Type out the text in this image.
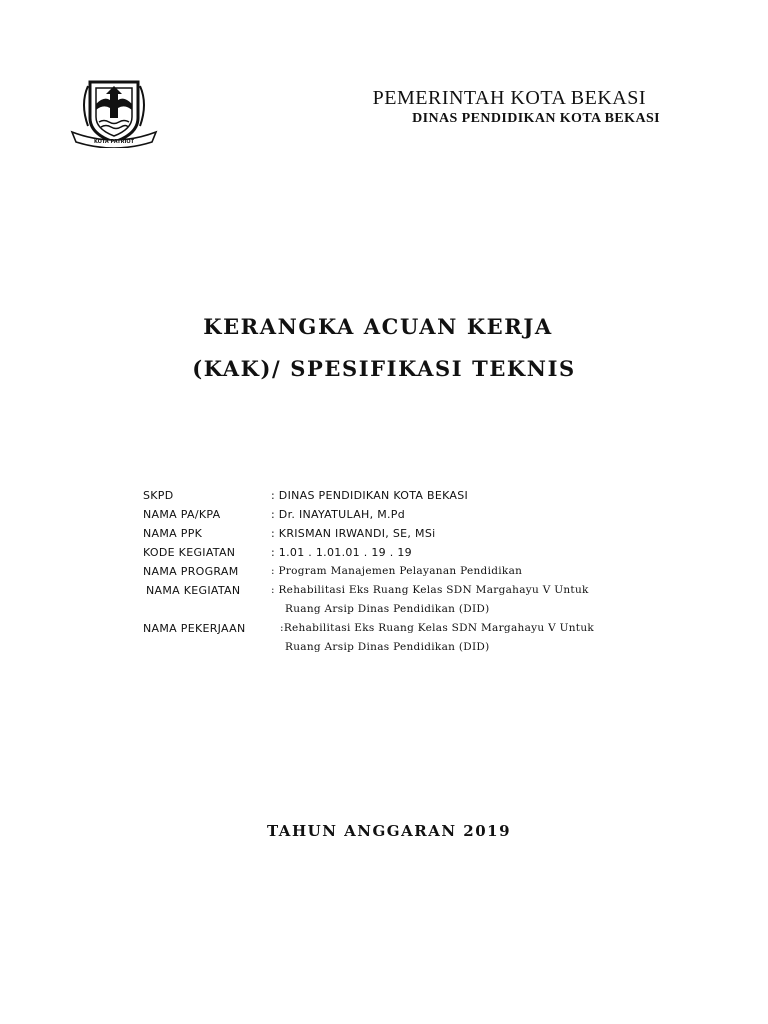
KOTA PATRIOT
PEMERINTAH KOTA BEKASI
DINAS PENDIDIKAN KOTA BEKASI
KERANGKA ACUAN KERJA
(KAK)/ SPESIFIKASI TEKNIS
SKPD	: DINAS PENDIDIKAN KOTA BEKASI
NAMA PA/KPA	: Dr. INAYATULAH, M.Pd
NAMA PPK	: KRISMAN IRWANDI, SE, MSi
KODE KEGIATAN	: 1.01 . 1.01.01 . 19 . 19
NAMA PROGRAM	: Program Manajemen Pelayanan Pendidikan
NAMA KEGIATAN	: Rehabilitasi Eks Ruang Kelas SDN Margahayu V Untuk
Ruang Arsip Dinas Pendidikan (DID)
NAMA PEKERJAAN	:Rehabilitasi Eks Ruang Kelas SDN Margahayu V Untuk
Ruang Arsip Dinas Pendidikan (DID)
TAHUN ANGGARAN 2019
